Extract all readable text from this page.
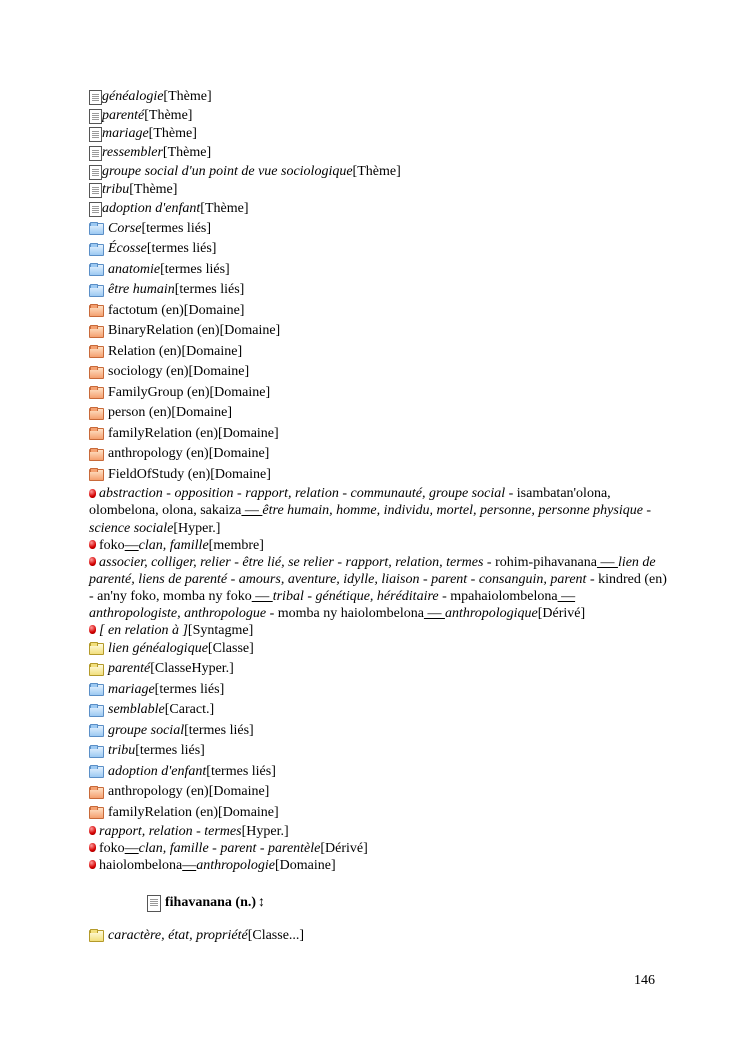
généalogie [Thème]
parenté [Thème]
mariage [Thème]
ressembler [Thème]
groupe social d'un point de vue sociologique [Thème]
tribu [Thème]
adoption d'enfant [Thème]
Corse [termes liés]
Écosse [termes liés]
anatomie [termes liés]
être humain [termes liés]
factotum (en) [Domaine]
BinaryRelation (en) [Domaine]
Relation (en) [Domaine]
sociology (en) [Domaine]
FamilyGroup (en) [Domaine]
person (en) [Domaine]
familyRelation (en) [Domaine]
anthropology (en) [Domaine]
FieldOfStudy (en) [Domaine]
abstraction - opposition - rapport, relation - communauté, groupe social - isambatan'olona, olombelona, olona, sakaiza — être humain, homme, individu, mortel, personne, personne physique - science sociale[Hyper.]
foko — clan, famille [membre]
associer, colliger, relier - être lié, se relier - rapport, relation, termes - rohim-pihavanana — lien de parenté, liens de parenté - amours, aventure, idylle, liaison - parent - consanguin, parent - kindred (en) - an'ny foko, momba ny foko — tribal - génétique, héréditaire - mpahaiolombelona — anthropologiste, anthropologue - momba ny haiolombelona — anthropologique[Dérivé]
[ en relation à ] [Syntagme]
lien généalogique [Classe]
parenté [ClasseHyper.]
mariage [termes liés]
semblable [Caract.]
groupe social [termes liés]
tribu [termes liés]
adoption d'enfant [termes liés]
anthropology (en) [Domaine]
familyRelation (en) [Domaine]
rapport, relation - termes [Hyper.]
foko — clan, famille - parent - parentèle [Dérivé]
haiolombelona — anthropologie [Domaine]
fihavanana (n.) ↕
caractère, état, propriété [Classe...]
146
